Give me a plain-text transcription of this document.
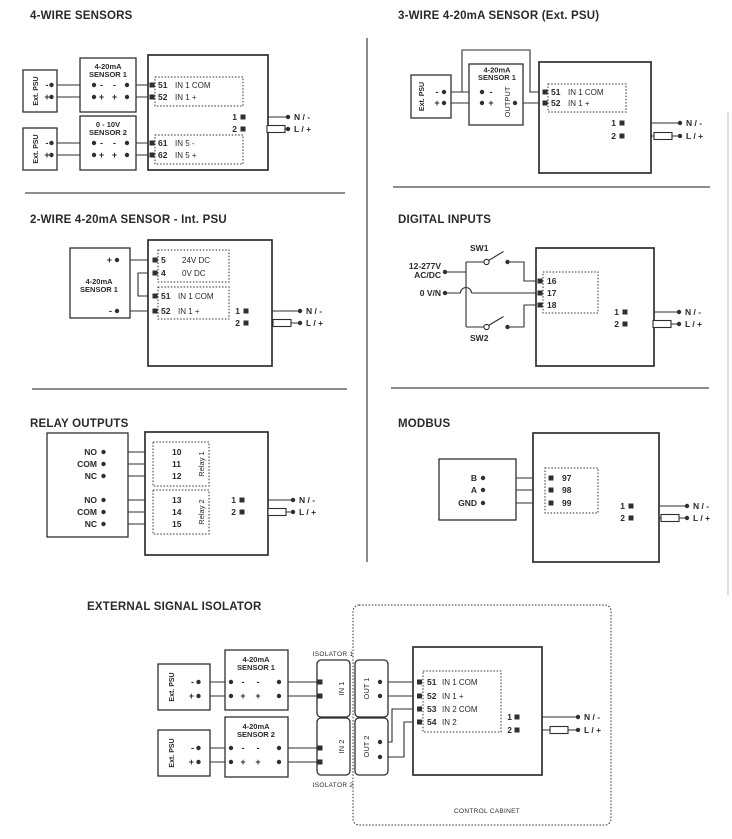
4-WIRE SENSORS
Ext. PSU -
+
4-20mA
SENSOR 1
- -
+ +
Ext. PSU -
+
0 - 10V
SENSOR 2
- -
+ +
51 IN 1 COM
52 IN 1 +
61 IN 5 -
62 IN 5 +
1
2
N / -
L / +
3-WIRE 4-20mA SENSOR (Ext. PSU)
Ext. PSU -
+
4-20mA
SENSOR 1
-
+ OUTPUT	51 IN 1 COM
52 IN 1 +
1
2
N / -
L / +
2-WIRE 4-20mA SENSOR - Int. PSU
4-20mA
SENSOR 1
+
-
5 24V DC
4 0V DC
51 IN 1 COM
52 IN 1 +	1
2
N / -
L / +
DIGITAL INPUTS
12-277V
AC/DC
0 V/N
SW1
SW2
16
17
18
1
2
N / -
L / +
RELAY OUTPUTS
NO
COM
NC
NO
COM
NC
10
11
12
13
14
15
Relay 1
Relay 2	1
2
N / -
L / +
MODBUS
B
A
GND
97
98
99	1
2
N / -
L / +
EXTERNAL SIGNAL ISOLATOR
CONTROL CABINET
Ext. PSU -
+
4-20mA
SENSOR 1
- -
+ +
Ext. PSU -
+
4-20mA
SENSOR 2
- -
+ +
ISOLATOR 1
IN 1 OUT 1
IN 2 OUT 2
ISOLATOR 2
51 IN 1 COM
52 IN 1 +
53 IN 2 COM
54 IN 2
1
2
N / -
L / +
